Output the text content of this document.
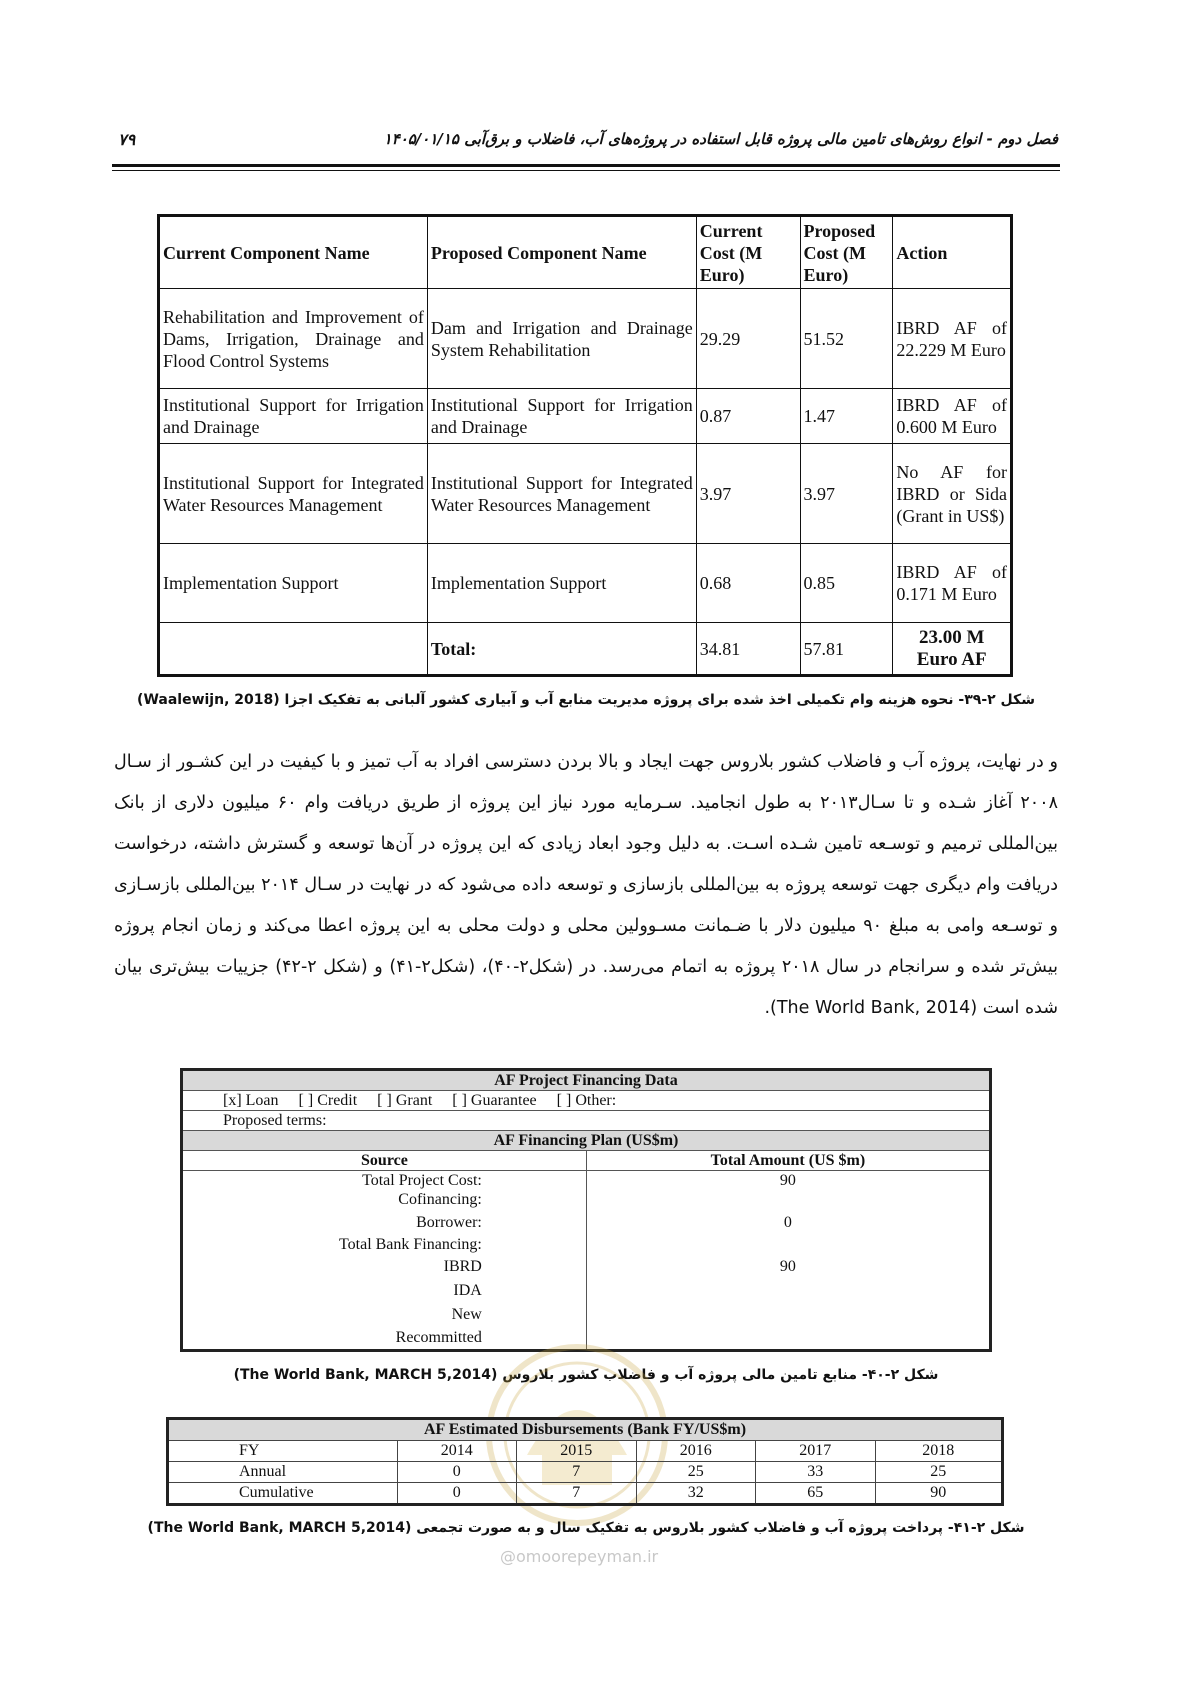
فصل دوم - انواع روش‌های تامین مالی پروژه قابل استفاده در پروژه‌های آب، فاضلاب و برق‌آبی ۱۴۰۵/۰۱/۱۵
۷۹
Current Component Name	Proposed Component Name	Current Cost (M Euro)	Proposed Cost (M Euro)	Action
Rehabilitation and Improvement of Dams, Irrigation, Drainage and Flood Control Systems	Dam and Irrigation and Drainage System Rehabilitation	29.29	51.52	IBRD AF of 22.229 M Euro
Institutional Support for Irrigation and Drainage	Institutional Support for Irrigation and Drainage	0.87	1.47	IBRD AF of 0.600 M Euro
Institutional Support for Integrated Water Resources Management	Institutional Support for Integrated Water Resources Management	3.97	3.97	No AF for IBRD or Sida (Grant in US$)
Implementation Support	Implementation Support	0.68	0.85	IBRD AF of 0.171 M Euro
	Total:	34.81	57.81	23.00 M Euro AF
شکل ۲-۳۹- نحوه هزینه وام تکمیلی اخذ شده برای پروژه مدیریت منابع آب و آبیاری کشور آلبانی به تفکیک اجزا (Waalewijn, 2018)
و در نهایت، پروژه آب و فاضلاب کشور بلاروس جهت ایجاد و بالا بردن دسترسی افراد به آب تمیز و با کیفیت در این کشـور از سـال ۲۰۰۸ آغاز شـده و تا سـال۲۰۱۳ به طول انجامید. سـرمایه مورد نیاز این پروژه از طریق دریافت وام ۶۰ میلیون دلاری از بانک بین‌المللی ترمیم و توسـعه تامین شـده اسـت. به دلیل وجود ابعاد زیادی که این پروژه در آن‌ها توسعه و گسترش داشته، درخواست دریافت وام دیگری جهت توسعه پروژه به بین‌المللی بازسازی و توسعه داده می‌شود که در نهایت در سـال ۲۰۱۴ بین‌المللی بازسـازی و توسـعه وامی به مبلغ ۹۰ میلیون دلار با ضـمانت مسـوولین محلی و دولت محلی به این پروژه اعطا می‌کند و زمان انجام پروژه بیش‌تر شده و سرانجام در سال ۲۰۱۸ پروژه به اتمام می‌رسد. در (شکل۲-۴۰)، (شکل۲-۴۱) و (شکل ۲-۴۲) جزییات بیش‌تری بیان شده است (The World Bank, 2014).
AF Project Financing Data	
[x] Loan     [ ] Credit     [ ] Grant     [ ] Guarantee     [ ] Other:	
Proposed terms:	
AF Financing Plan (US$m)	
Source	Total Amount (US $m)
Total Project Cost:	90
Cofinancing:	
Borrower:	0
Total Bank Financing:	
IBRD	90
IDA	
New	
Recommitted	
شکل ۲-۴۰- منابع تامین مالی پروژه آب و فاضلاب کشور بلاروس (The World Bank, MARCH 5,2014)
@omoorepeyman.ir
AF Estimated Disbursements (Bank FY/US$m)					
FY	2014	2015	2016	2017	2018
Annual	0	7	25	33	25
Cumulative	0	7	32	65	90
شکل ۲-۴۱- پرداخت پروژه آب و فاضلاب کشور بلاروس به تفکیک سال و به صورت تجمعی (The World Bank, MARCH 5,2014)
